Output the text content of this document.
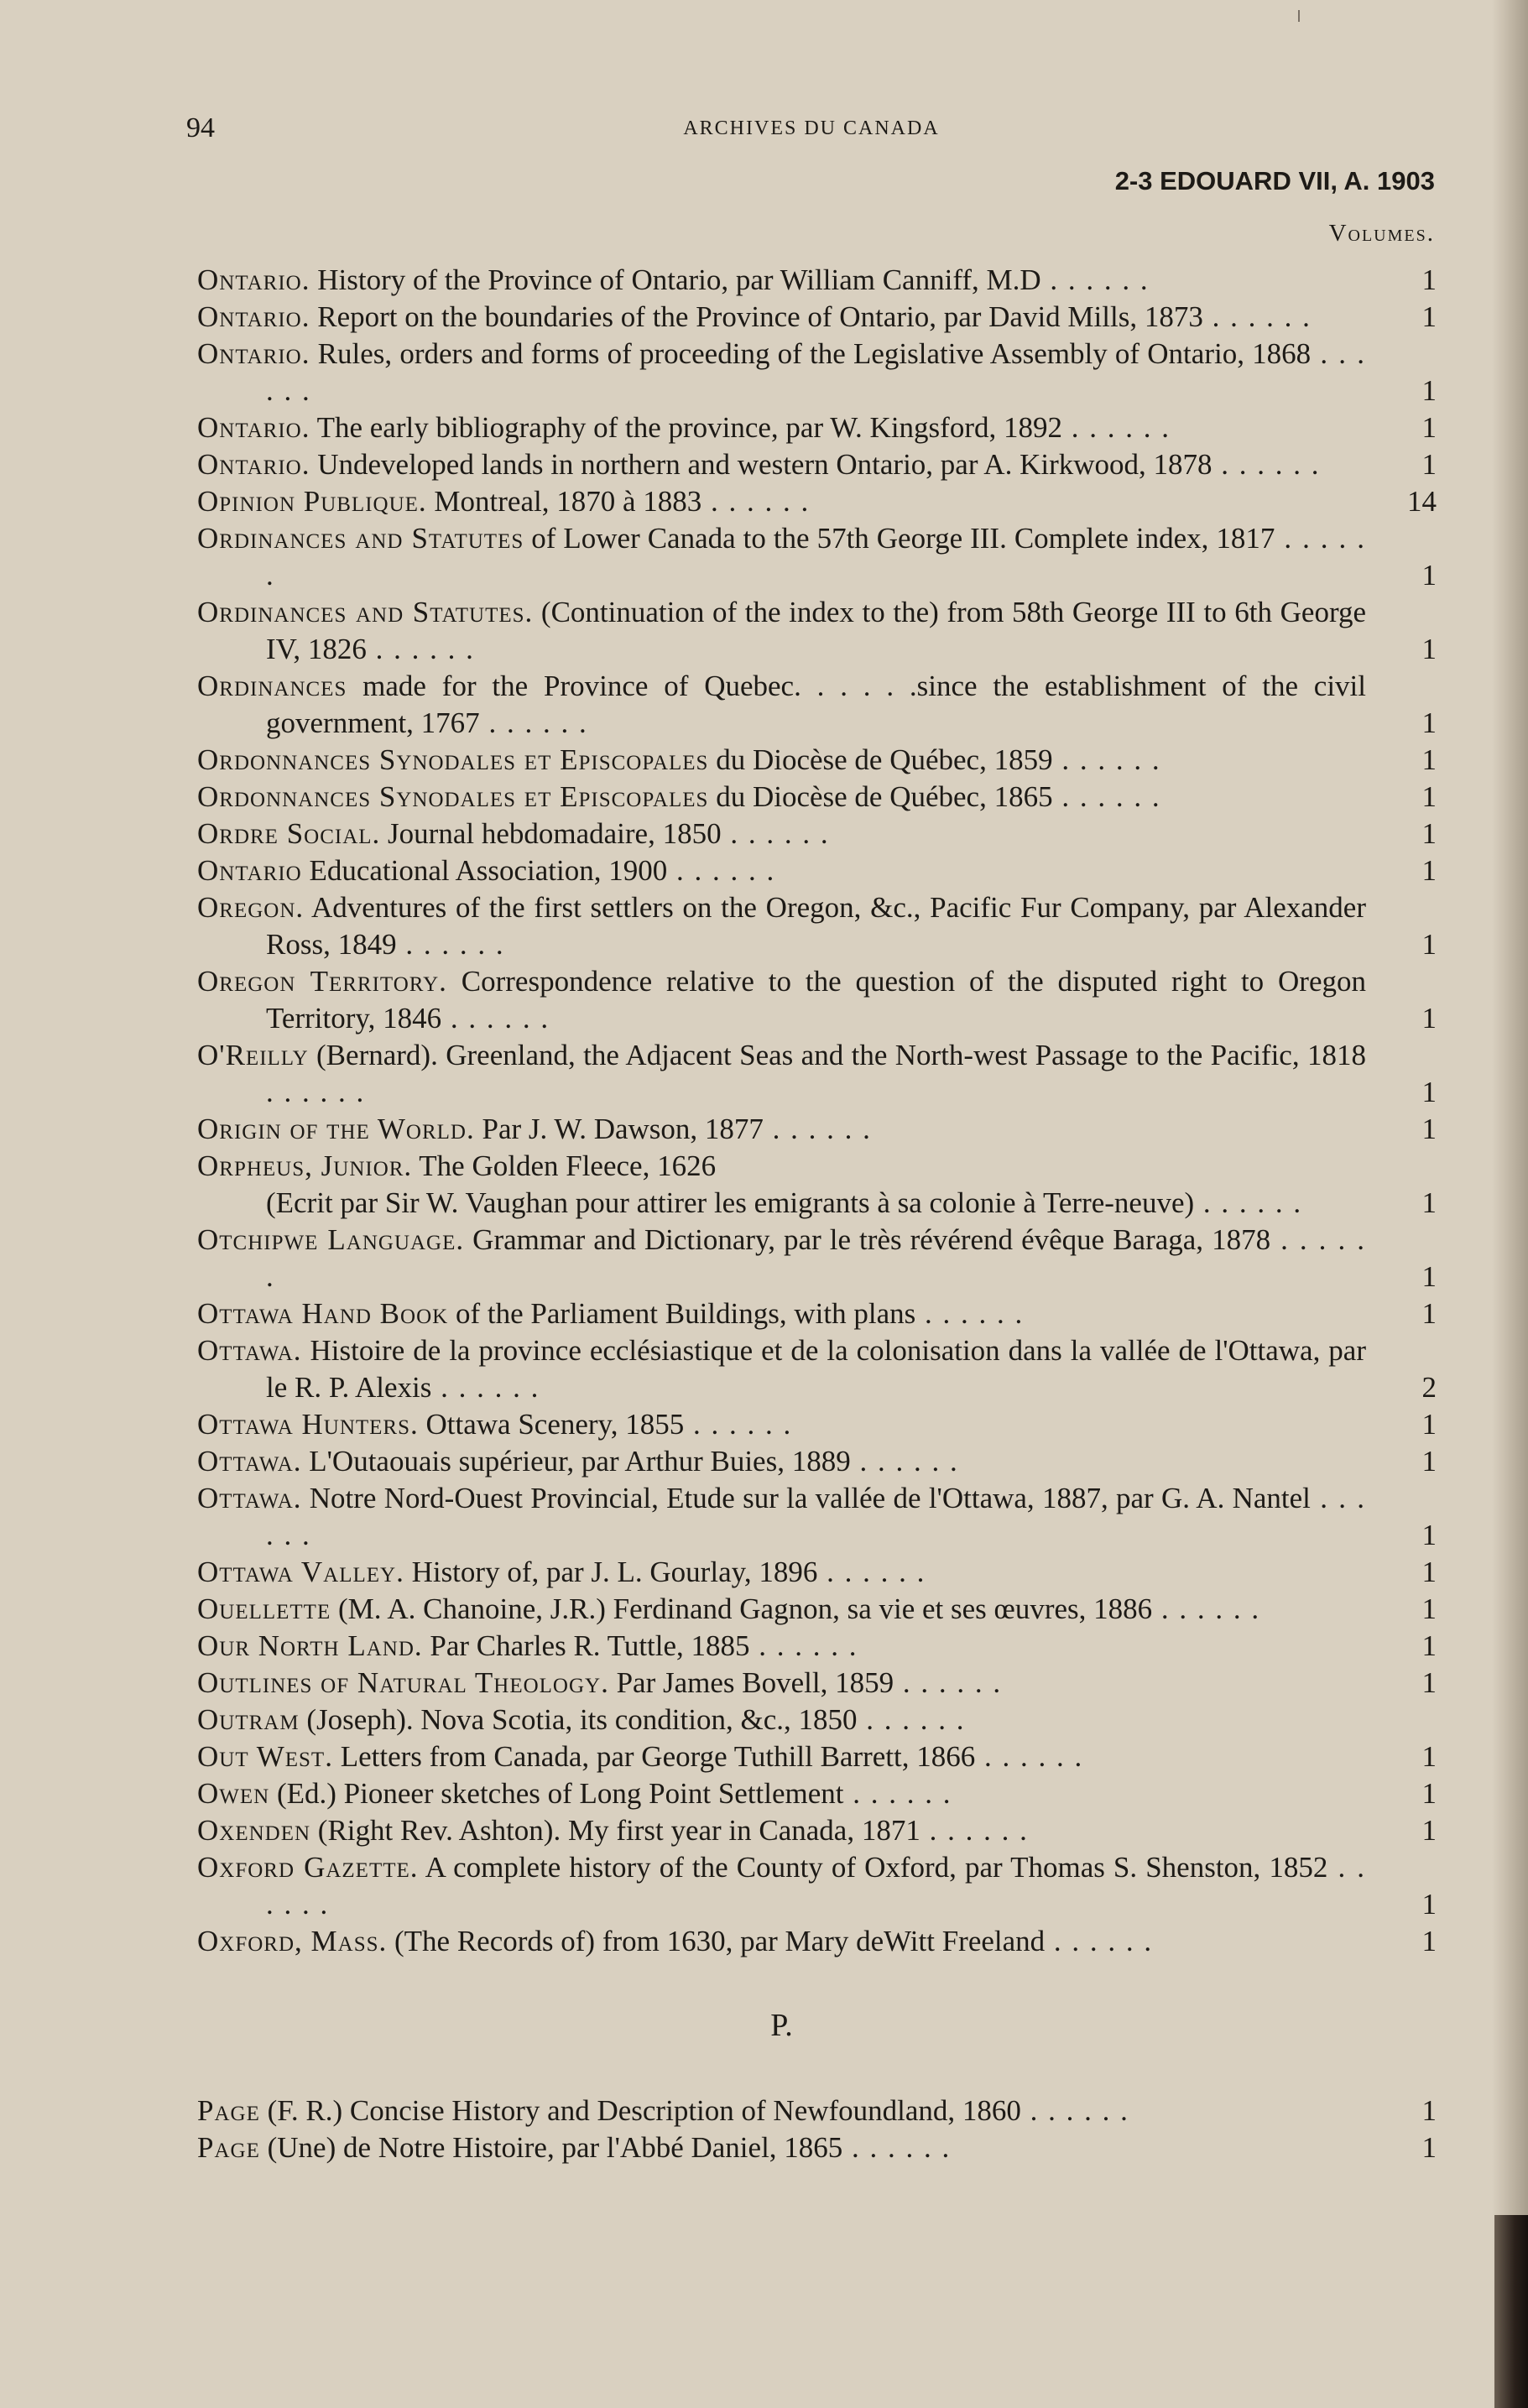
94	ARCHIVES DU CANADA
2-3 EDOUARD VII, A. 1903
Volumes.

Ontario. History of the Province of Ontario, par William Canniff, M.D . . . . . .	1

Ontario. Report on the boundaries of the Province of Ontario, par David Mills, 1873 . . . . . .	1

Ontario. Rules, orders and forms of proceeding of the Legislative Assembly of Ontario, 1868 . . . . . .	1

Ontario. The early bibliography of the province, par W. Kingsford, 1892 . . . . . .	1

Ontario. Undeveloped lands in northern and western Ontario, par A. Kirkwood, 1878 . . . . . .	1

Opinion Publique. Montreal, 1870 à 1883 . . . . . .	14

Ordinances and Statutes of Lower Canada to the 57th George III. Complete index, 1817 . . . . . .	1

Ordinances and Statutes. (Continuation of the index to the) from 58th George III to 6th George IV, 1826 . . . . . .	1

Ordinances made for the Province of Quebec. . . . . .since the establishment of the civil government, 1767 . . . . . .	1

Ordonnances Synodales et Episcopales du Diocèse de Québec, 1859 . . . . . .	1

Ordonnances Synodales et Episcopales du Diocèse de Québec, 1865 . . . . . .	1

Ordre Social. Journal hebdomadaire, 1850 . . . . . .	1

Ontario Educational Association, 1900 . . . . . .	1

Oregon. Adventures of the first settlers on the Oregon, &c., Pacific Fur Company, par Alexander Ross, 1849 . . . . . .	1

Oregon Territory. Correspondence relative to the question of the disputed right to Oregon Territory, 1846 . . . . . .	1

O'Reilly (Bernard). Greenland, the Adjacent Seas and the North-west Passage to the Pacific, 1818 . . . . . .	1

Origin of the World. Par J. W. Dawson, 1877 . . . . . .	1

Orpheus, Junior. The Golden Fleece, 1626
(Ecrit par Sir W. Vaughan pour attirer les emigrants à sa colonie à Terre-neuve) . . . . . .	1

Otchipwe Language. Grammar and Dictionary, par le très révérend évêque Baraga, 1878 . . . . . .	1

Ottawa Hand Book of the Parliament Buildings, with plans . . . . . .	1

Ottawa. Histoire de la province ecclésiastique et de la colonisation dans la vallée de l'Ottawa, par le R. P. Alexis . . . . . .	2

Ottawa Hunters. Ottawa Scenery, 1855 . . . . . .	1

Ottawa. L'Outaouais supérieur, par Arthur Buies, 1889 . . . . . .	1

Ottawa. Notre Nord-Ouest Provincial, Etude sur la vallée de l'Ottawa, 1887, par G. A. Nantel . . . . . .	1

Ottawa Valley. History of, par J. L. Gourlay, 1896 . . . . . .	1

Ouellette (M. A. Chanoine, J.R.) Ferdinand Gagnon, sa vie et ses œuvres, 1886 . . . . . .	1

Our North Land. Par Charles R. Tuttle, 1885 . . . . . .	1

Outlines of Natural Theology. Par James Bovell, 1859 . . . . . .	1

Outram (Joseph). Nova Scotia, its condition, &c., 1850 . . . . . .

Out West. Letters from Canada, par George Tuthill Barrett, 1866 . . . . . .	1

Owen (Ed.) Pioneer sketches of Long Point Settlement . . . . . .	1

Oxenden (Right Rev. Ashton). My first year in Canada, 1871 . . . . . .	1

Oxford Gazette. A complete history of the County of Oxford, par Thomas S. Shenston, 1852 . . . . . .	1

Oxford, Mass. (The Records of) from 1630, par Mary deWitt Freeland . . . . . .	1

P.

Page (F. R.) Concise History and Description of Newfoundland, 1860 . . . . . .	1

Page (Une) de Notre Histoire, par l'Abbé Daniel, 1865 . . . . . .	1
